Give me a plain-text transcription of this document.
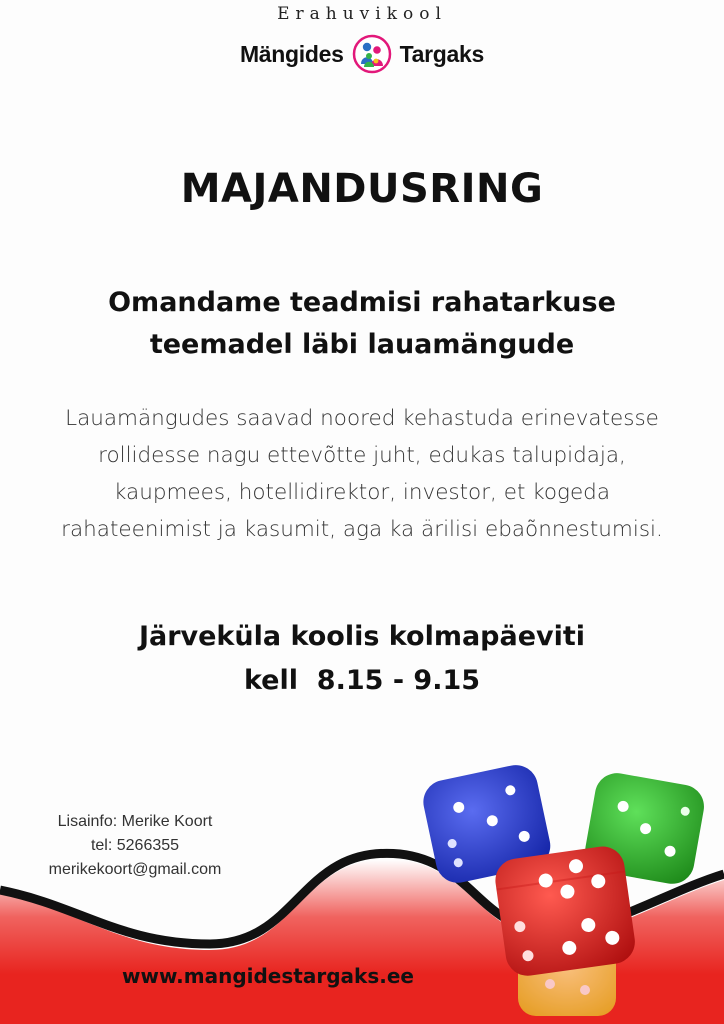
Erahuvikool
Mängides Targaks
MAJANDUSRING
Omandame teadmisi rahatarkuse
teemadel läbi lauamängude
Lauamängudes saavad noored kehastuda erinevatesse
rollidesse nagu ettevõtte juht, edukas talupidaja,
kaupmees, hotellidirektor, investor, et kogeda
rahateenimist ja kasumit, aga ka ärilisi ebaõnnestumisi.
Järveküla koolis kolmapäeviti
kell  8.15 - 9.15
Lisainfo: Merike Koort
tel: 5266355
merikekoort@gmail.com
www.mangidestargaks.ee
